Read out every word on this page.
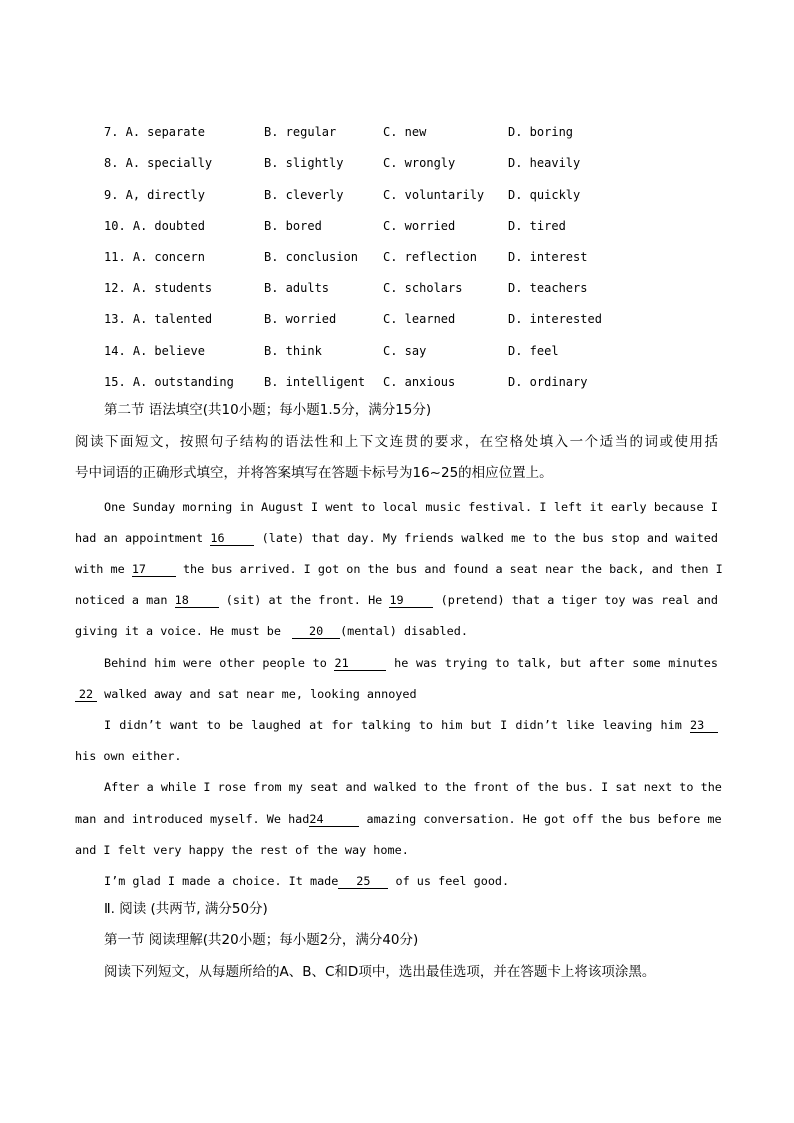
7. A. separate	B. regular	C. new	D. boring
8. A. specially	B. slightly	C. wrongly	D. heavily
9. A, directly	B. cleverly	C. voluntarily D. quickly
10. A. doubted	B. bored	C. worried	D. tired
11. A. concern	B. conclusion C. reflection	D. interest
12. A. students	B. adults	C. scholars	D. teachers
13. A. talented	B. worried	C. learned	D. interested
14. A. believe	B. think	C. say	D. feel
15. A. outstanding	B. intelligent C. anxious	D. ordinary
第二节 语法填空(共10小题；每小题1.5分，满分15分)
阅读下面短文，按照句子结构的语法性和上下文连贯的要求，在空格处填入一个适当的词或使用括
号中词语的正确形式填空，并将答案填写在答题卡标号为16~25的相应位置上。
One Sunday morning in August I went to local music festival. I left it early because I
had an appointment 16	(late) that day. My friends walked me to the bus stop and waited
with me 17	the bus arrived. I got on the bus and found a seat near the back, and then I
noticed a man 18	(sit) at the front. He 19	(pretend) that a tiger toy was real and
giving it a voice. He must be 20 (mental) disabled.
Behind him were other people to 21	he was trying to talk, but after some minutes
22 walked away and sat near me, looking annoyed
I didn’t want to be laughed at for talking to him but I didn’t like leaving him 23
his own either.
After a while I rose from my seat and walked to the front of the bus. I sat next to the
man and introduced myself. We had24	amazing conversation. He got off the bus before me
and I felt very happy the rest of the way home.
I’m glad I made a choice. It made 25 of us feel good.
Ⅱ. 阅读 (共两节, 满分50分)
第一节 阅读理解(共20小题；每小题2分，满分40分)
阅读下列短文，从每题所给的A、B、C和D项中，选出最佳选项，并在答题卡上将该项涂黑。
